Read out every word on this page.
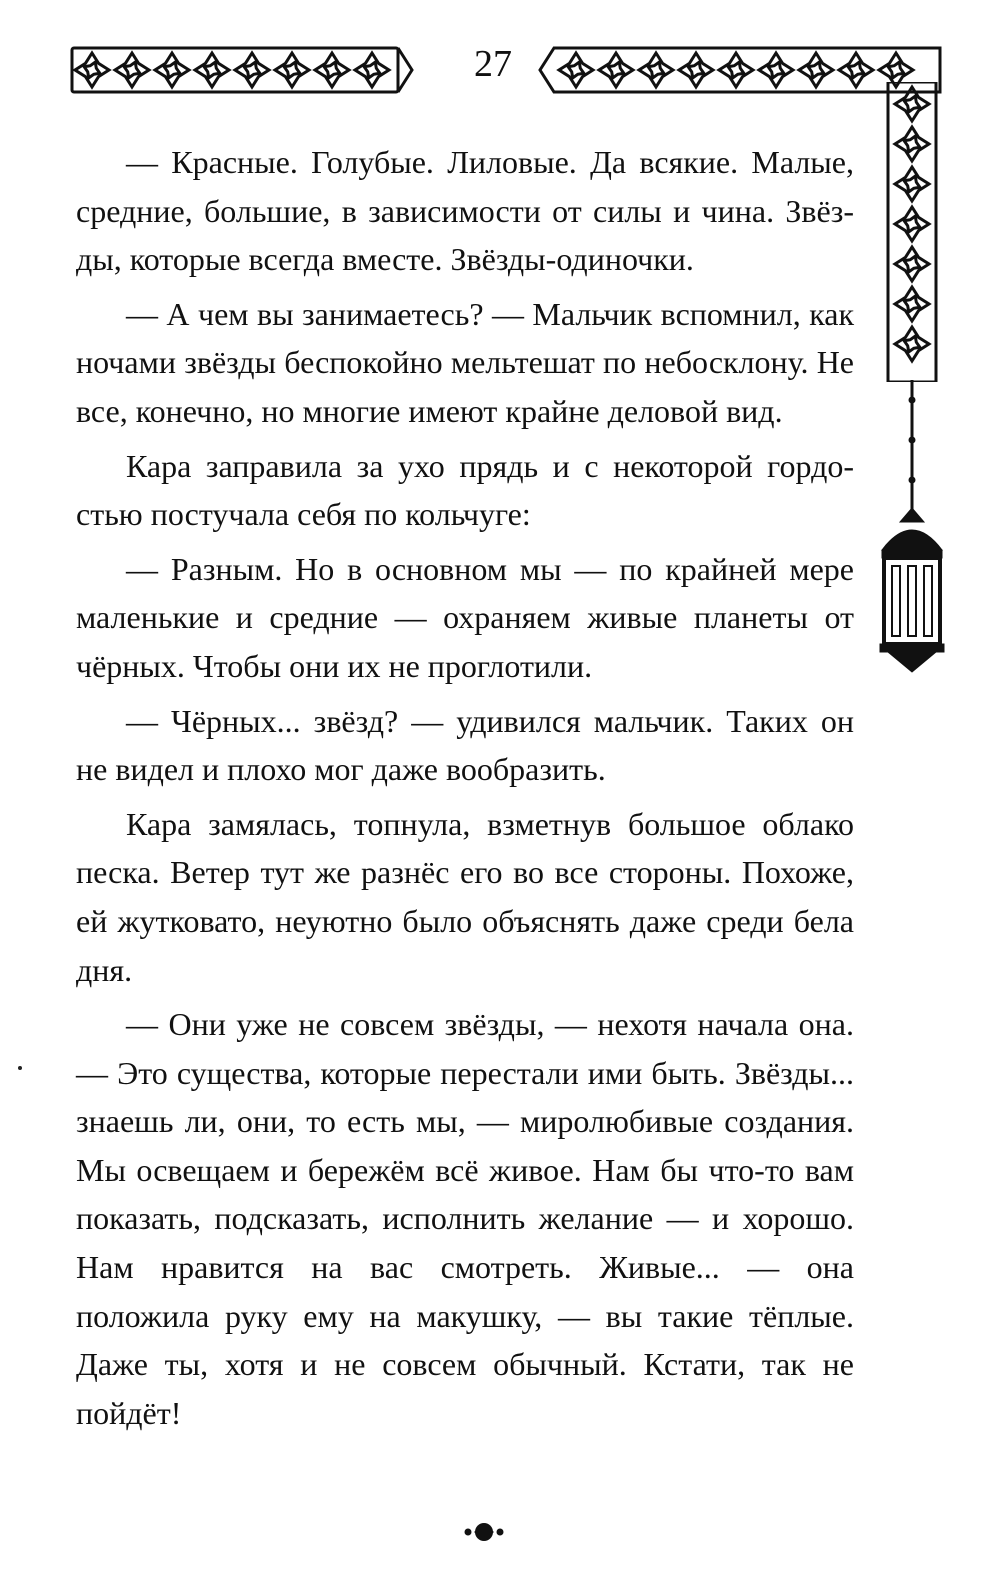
27

— Красные. Голубые. Лиловые. Да всякие. Малые, средние, большие, в зависимости от силы и чина. Звёзды, которые всегда вместе. Звёзды-одиночки.

— А чем вы занимаетесь? — Мальчик вспомнил, как ночами звёзды беспокойно мельтешат по небосклону. Не все, конечно, но многие имеют крайне деловой вид.

Кара заправила за ухо прядь и с некоторой гордостью постучала себя по кольчуге:

— Разным. Но в основном мы — по крайней мере маленькие и средние — охраняем живые планеты от чёрных. Чтобы они их не проглотили.

— Чёрных... звёзд? — удивился мальчик. Таких он не видел и плохо мог даже вообразить.

Кара замялась, топнула, взметнув большое облако песка. Ветер тут же разнёс его во все стороны. Похоже, ей жутковато, неуютно было объяснять даже среди бела дня.

— Они уже не совсем звёзды, — нехотя начала она. — Это существа, которые перестали ими быть. Звёзды... знаешь ли, они, то есть мы, — миролюбивые создания. Мы освещаем и бережём всё живое. Нам бы что-то вам показать, подсказать, исполнить желание — и хорошо. Нам нравится на вас смотреть. Живые... — она положила руку ему на макушку, — вы такие тёплые. Даже ты, хотя и не совсем обычный. Кстати, так не пойдёт!
